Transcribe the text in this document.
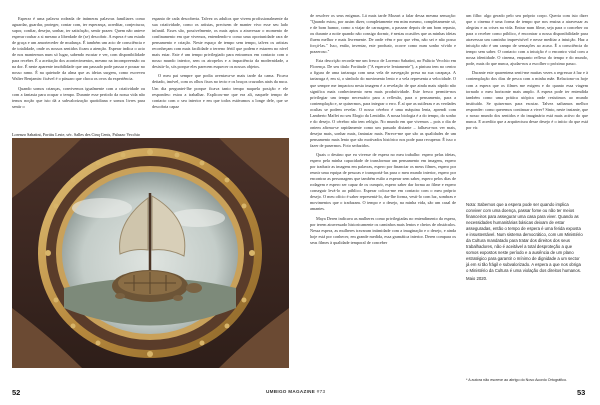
Esperar é uma palavra rodeada de inúmeras palavras familiares como aguardar, guardar, proteger, contar com, ter esperança, acreditar, conjecturar, supor, confiar, desejar, sonhar, ter satisfação, sentir prazer. Quem não anteve esperar roubar a si mesmo a liberdade de (se) descobrir. A espera é um estado de graça e um amorteceder de mudança. É também um acto de consciência e de totalidade, onde os nossos sentidos ficam a atenção. Esperar indica o acto de nos mantermos num só lugar, sabendo escutar e ver, com disponibilidade para receber. É a aceitação dos acontecimentos, mesmo na incompreensão ou na dor. É neste aparente imobilidade que um passado pode passar e pousar no nosso ramo. É na quietude da alma que as ideias surgem, como escreveu Walter Benjamin: ficável é o pássaro que choca os ovos da experiência.

Quando somos crianças, convivemos igualmente com a criatividade ou com a fantasia para ocupar o tempo. Durante esse período da nossa vida não temos noção que isto dá a subvalorização quotidiana e somos livres para sentir o

espanto de cada descoberta. Talvez os adultos que vivem profissionalmente da sua criatividade, como os artistas, precisem de manter vivo esse seu lado infantil. Esses são, possivelmente, os mais aptos a atravessar o momento de confinamento em que vivemos, entendendo-o como uma oportunidade rara de pensamento e criação. Neste espaço de tempo sem tempo, talvez os artistas reconheçam com mais facilidade o terreno fértil que podem e estarem no nível mais estar. Este é um tempo privilegiado para entrarmos em contacto com o nosso mundo interior, sem os atropelos e a impaciência da modernidade, a desistir-lo, sós porque eles parecem esquecer os nossos objetos.

O meu pai sempre que podia aventava-se mais tarde da cama. Ficava deitado, imóvel, com os olhos fixos no tecto e os braços cruzados atrás da nuca. Um dia perguntei-lhe porque ficava tanto tempo naquela posição e ele respondeu: estou a trabalhar. Explicou-me que era ali, naquele tempo de contacto com o seu interior e em que todos estávamos a longe dele, que se descobria capaz

Lorenzo Sabatini, Fortitu Leste, séc. Salles des Cinq Cents, Palazzo Vecchio
52

de resolver os seus enigmas. Lá mais tarde Mozart a falar dessa mesma sensação: "Quando estou, por assim dizer, completamente em mim mesmo, completamente só, e de bom humor, como a viajar de carruagem, a passear depois de um bom repasto, ou durante a noite quando não consigo dormir, é nestas ocasiões que as minhas ideias fluem melhor e mais livremente. De onde vêm e por que vêm, não sei e não posso forçá-las." Isso, então, inventar, este produzir, ocorre como num sonho vívido e prazeroso."

Esta descrição recorda-me um fresco de Lorenzo Sabatini, no Palácio Vecchio em Florença. De seu título Fortitude ("A espera-te lentamente"), a pintura tem no centro a figura de uma tartaruga com uma vela de navegação presa na sua carapaça. A tartaruga é, em si, o símbolo do movimento lento e a vela representa a velocidade. O que sempre me impactou nesta imagem é a revelação de que ainda mais rápido não significa mais conhecimento nem mais produtividade. Este fresco permite-nos privilegiar um tempo necessário para a reflexão, para o pensamento, para a contemplação e, se quisermos, para integrar o erro. É aí que as sutilezas e as verdades ocultas se podem revelar. O nosso cérebro é uma máquina lenta, aprendi com Lamberto Maffei no seu Elogio da Lentidão. A nossa biologia é a do tempo, do sonho e do desejo. O cérebro não tem relógio. No mundo em que vivemos – pois o dia de ontem afirma-se rapidamente como um passado distante – falhava-nos ver mais, desejar mais, sonhar mais, fantasiar mais. Parece-me que são as qualidades de um pensamento mais lento que são motivados histórico nos pode para recuperar. É isso o fazer de pusermos. Foto seduzidos.

Quais o destino que eu vivesse de espera no meu trabalho: espero pelas ideias, espero pela minha capacidade de transformar um pensamento em imagens, espero por traduzir as imagens em palavras, espero por financiar os meus filmes, espero por reunir uma equipa de pessoas e transportá-las para o meu mundo interior, espero por encontrar as personagens que também estão a esperar sem saber, espero pelos dias de rodagem e espero ser capaz de os cumprir, espero saber dar forma ao filme e espero conseguir levá-lo ao público. Esperar coloca-me em contacto com o meu próprio desejo. O meu ofício é saber representá-lo, dar-lhe forma, vesti-lo com luz, sombras e movimentos que o traduzam. O tempo e o desejo, na minha vida, são um casal de amantes.

Maya Deren indicava as mulheres como privilegiadas no entendimento da espera, por terem atravessado historicamente os caminhos mais lentos e cheios de obstáculos. Nessa espera, as mulheres travaram intimidade com a imaginação e o desejo, e ainda hoje está por conhecer, em grande medida, essa gramática interior. Deren compara os seus filmes à qualidade temporal de conceber

um filho: algo gerado pelo seu próprio corpo. Queria com isto dizer que o cinema é uma forma de tempo que nos ensina a atravessar as alegrias e as crises na vida. Entrar num filme, seja para o conceber ou para o receber como público, é encontrar a nossa disponibilidade para atravessar um caminho imprevisível e nesse meditar a intuição. Haz a intuição não é um campo de sensações ao acaso. É a consciência do tempo sem saber. O contacto com a intuição é o encontro vital com a nossa identidade. O cinema, enquanto reflexo do tempo e do mundo, pode, mais do que nunca, ajudar-nos a escolher o próximo passo.

Durante este quarentena senti-me muitas vezes a regressar à luz e à contemplação dos dias de pesca com a minha mãe. Relaciono-os hoje com a espera que os filmes me exigem e do quanto essa viagem tornado o meu horizonte mais amplo. A espera pode ter entendida também como uma prática utópica onde resistimos ao mundo instituído. Se quisermos para escutar. Talvez saibamos melhor responder: como queremos continuar a viver? Sinto, neste instante, que o nosso mundo dos sentidos e do imaginário está mais activo do que nunca. E acredito que a arquitectura desse desejo é o início do que está por vir.

Nota: Sabemos que a espera pode ser quando implica conviver com uma doença, passar fome ou não ter meios financeiros para assegurar uma casa para viver. Quando as necessidades humanitárias básicas deixam de estar asseguradas, então o tempo de espera é uma ferida exposta e insustentável. Num sistema democrático, com um Ministério da Cultura mandatado para tratar dos direitos dos seus trabalhadores, não é aceitável a total desproteção a que somos expostos neste período e a ausência de um plano estratégico para garantir o mínimo de dignidade a um sector já em si tão frágil e subvalorizado. A espera a que nos obriga o Ministério da Cultura é uma violação dos direitos humanos.

Maio 2020.
* A autora não escreve ao abrigo do Novo Acordo Ortográfico.
UMBIGO MAGAZINE #73	53
